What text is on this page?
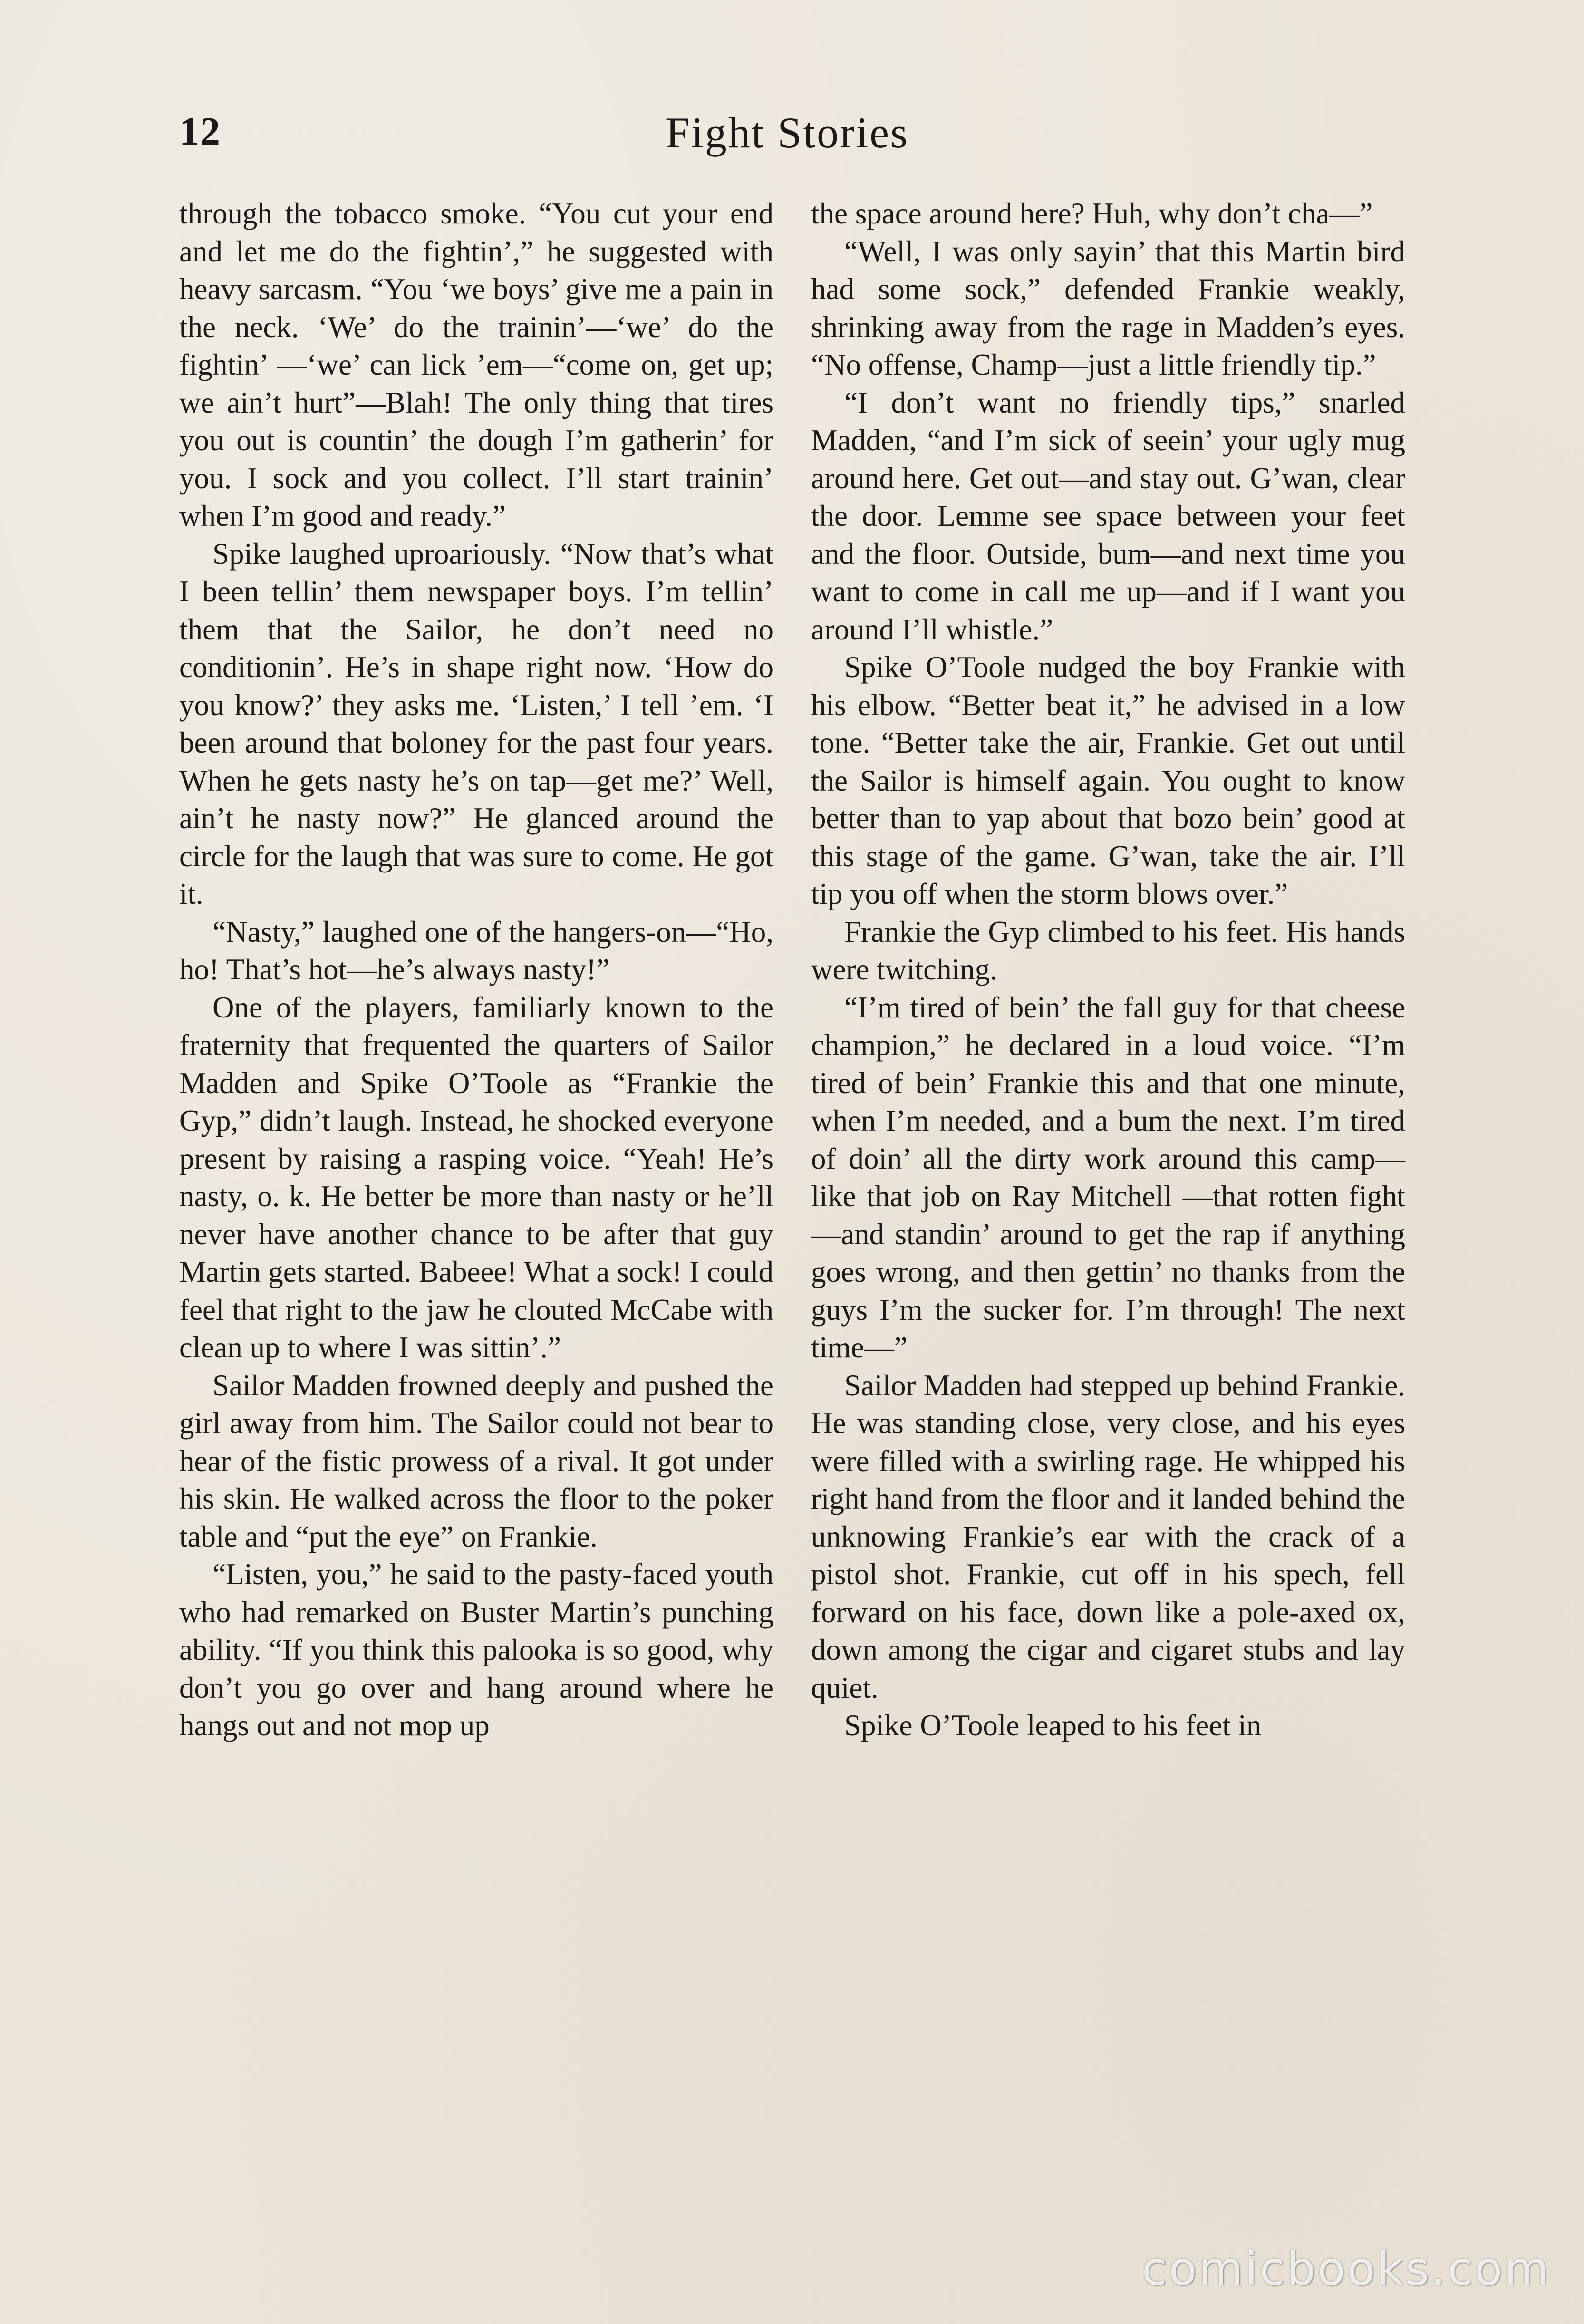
12	Fight Stories

through the tobacco smoke. “You cut your end and let me do the fightin’,” he suggested with heavy sarcasm. “You ‘we boys’ give me a pain in the neck. ‘We’ do the trainin’—‘we’ do the fightin’ —‘we’ can lick ’em—“come on, get up; we ain’t hurt”—Blah! The only thing that tires you out is countin’ the dough I’m gatherin’ for you. I sock and you collect. I’ll start trainin’ when I’m good and ready.”

Spike laughed uproariously. “Now that’s what I been tellin’ them newspaper boys. I’m tellin’ them that the Sailor, he don’t need no conditionin’. He’s in shape right now. ‘How do you know?’ they asks me. ‘Listen,’ I tell ’em. ‘I been around that boloney for the past four years. When he gets nasty he’s on tap—get me?’ Well, ain’t he nasty now?” He glanced around the circle for the laugh that was sure to come. He got it.

“Nasty,” laughed one of the hangers-on—“Ho, ho! That’s hot—he’s always nasty!”

One of the players, familiarly known to the fraternity that frequented the quarters of Sailor Madden and Spike O’Toole as “Frankie the Gyp,” didn’t laugh. Instead, he shocked everyone present by raising a rasping voice. “Yeah! He’s nasty, o. k. He better be more than nasty or he’ll never have another chance to be after that guy Martin gets started. Babeee! What a sock! I could feel that right to the jaw he clouted McCabe with clean up to where I was sittin’.”

Sailor Madden frowned deeply and pushed the girl away from him. The Sailor could not bear to hear of the fistic prowess of a rival. It got under his skin. He walked across the floor to the poker table and “put the eye” on Frankie.

“Listen, you,” he said to the pasty-faced youth who had remarked on Buster Martin’s punching ability. “If you think this palooka is so good, why don’t you go over and hang around where he hangs out and not mop up

the space around here? Huh, why don’t cha—”

“Well, I was only sayin’ that this Martin bird had some sock,” defended Frankie weakly, shrinking away from the rage in Madden’s eyes. “No offense, Champ—just a little friendly tip.”

“I don’t want no friendly tips,” snarled Madden, “and I’m sick of seein’ your ugly mug around here. Get out—and stay out. G’wan, clear the door. Lemme see space between your feet and the floor. Outside, bum—and next time you want to come in call me up—and if I want you around I’ll whistle.”

Spike O’Toole nudged the boy Frankie with his elbow. “Better beat it,” he advised in a low tone. “Better take the air, Frankie. Get out until the Sailor is himself again. You ought to know better than to yap about that bozo bein’ good at this stage of the game. G’wan, take the air. I’ll tip you off when the storm blows over.”

Frankie the Gyp climbed to his feet. His hands were twitching.

“I’m tired of bein’ the fall guy for that cheese champion,” he declared in a loud voice. “I’m tired of bein’ Frankie this and that one minute, when I’m needed, and a bum the next. I’m tired of doin’ all the dirty work around this camp—like that job on Ray Mitchell —that rotten fight—and standin’ around to get the rap if anything goes wrong, and then gettin’ no thanks from the guys I’m the sucker for. I’m through! The next time—”

Sailor Madden had stepped up behind Frankie. He was standing close, very close, and his eyes were filled with a swirling rage. He whipped his right hand from the floor and it landed behind the unknowing Frankie’s ear with the crack of a pistol shot. Frankie, cut off in his spech, fell forward on his face, down like a pole-axed ox, down among the cigar and cigaret stubs and lay quiet.

Spike O’Toole leaped to his feet in

comicbooks.com
